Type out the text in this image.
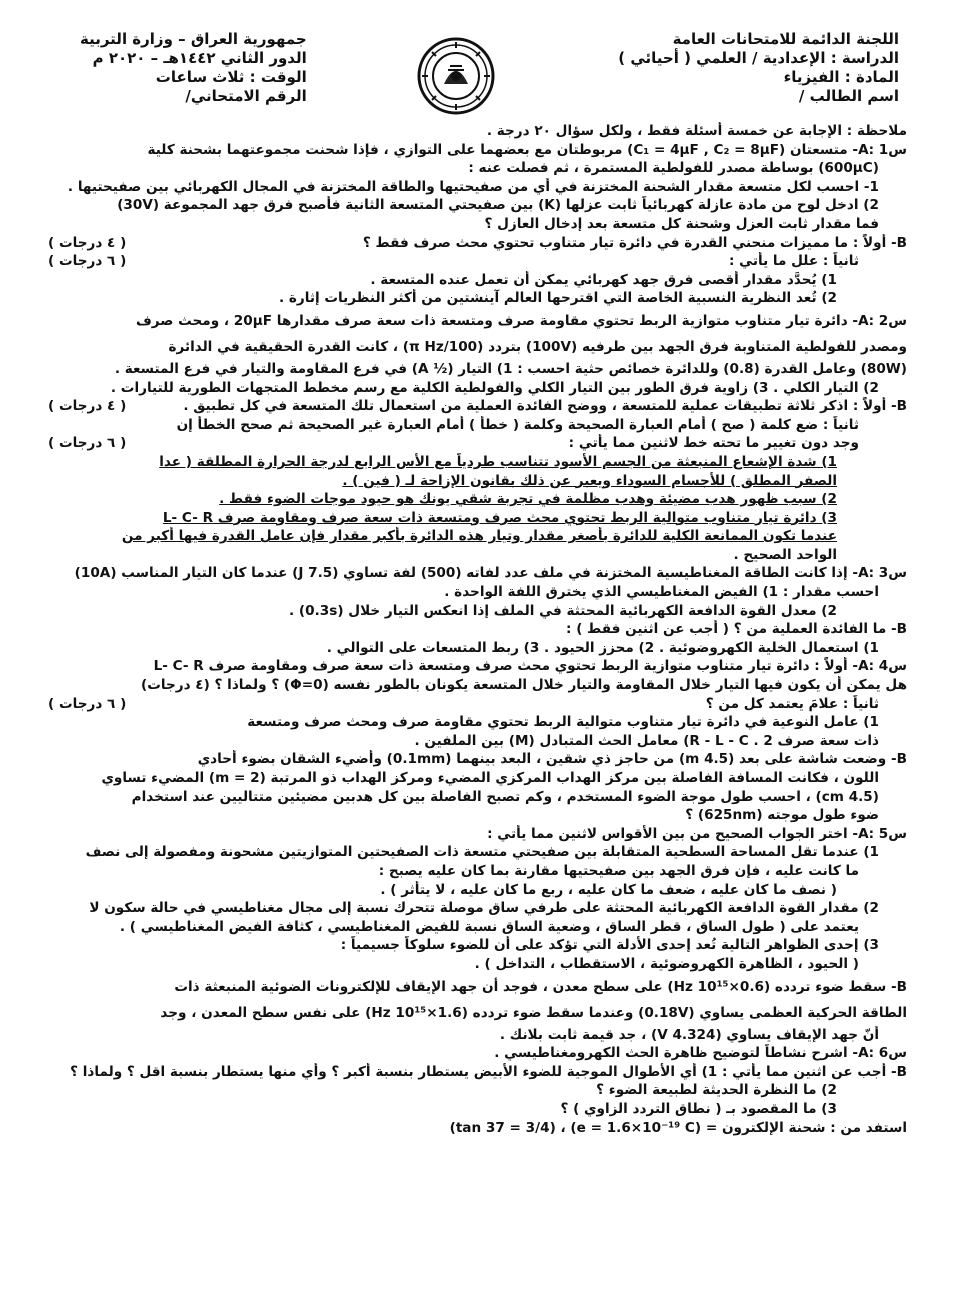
اللجنة الدائمة للامتحانات العامة
الدراسة : الإعدادية / العلمي ( أحيائي )
المادة : الفيزياء
اسم الطالب /
جمهورية العراق – وزارة التربية
الدور الثاني ١٤٤٢هـ – ٢٠٢٠ م
الوقت : ثلاث ساعات
الرقم الامتحاني/
ملاحظة : الإجابة عن خمسة أسئلة فقط ، ولكل سؤال ٢٠ درجة .
س1 :A- متسعتان (C₁ = 4μF , C₂ = 8μF) مربوطتان مع بعضهما على التوازي ، فإذا شحنت مجموعتهما بشحنة كلية
(600μC) بوساطة مصدر للفولطية المستمرة ، ثم فصلت عنه :
1- احسب لكل متسعة مقدار الشحنة المختزنة في أي من صفيحتيها والطاقة المختزنة في المجال الكهربائي بين صفيحتيها .
2) ادخل لوح من مادة عازلة كهربائياً ثابت عزلها (K) بين صفيحتي المتسعة الثانية فأصبح فرق جهد المجموعة (30V)
فما مقدار ثابت العزل وشحنة كل متسعة بعد إدخال العازل ؟
B- أولاً : ما مميزات منحني القدرة في دائرة تيار متناوب تحتوي محث صرف فقط ؟
( ٤ درجات )
ثانياً : علل ما يأتي :
( ٦ درجات )
1) يُحدَّد مقدار أقصى فرق جهد كهربائي يمكن أن تعمل عنده المتسعة .
2) تُعد النظرية النسبية الخاصة التي اقترحها العالم آينشتين من أكثر النظريات إثارة .
س2 :A- دائرة تيار متناوب متوازية الربط تحتوي مقاومة صرف ومتسعة ذات سعة صرف مقدارها 20μF ، ومحث صرف
ومصدر للفولطية المتناوبة فرق الجهد بين طرفيه (100V) بتردد (100/π Hz) ، كانت القدرة الحقيقية في الدائرة
(80W) وعامل القدرة (0.8) وللدائرة خصائص حثية احسب : 1) التيار (½ A) في فرع المقاومة والتيار في فرع المتسعة .
2) التيار الكلي . 3) زاوية فرق الطور بين التيار الكلي والفولطية الكلية مع رسم مخطط المتجهات الطورية للتيارات .
B- أولاً : اذكر ثلاثة تطبيقات عملية للمتسعة ، ووضح الفائدة العملية من استعمال تلك المتسعة في كل تطبيق .
( ٤ درجات )
ثانياً : ضع كلمة ( صح ) أمام العبارة الصحيحة وكلمة ( خطأ ) أمام العبارة غير الصحيحة ثم صحح الخطأ إن
وجد دون تغيير ما تحته خط لاثنين مما يأتي :
( ٦ درجات )
1) شدة الإشعاع المنبعثة من الجسم الأسود تتناسب طردياً مع الأس الرابع لدرجة الحرارة المطلقة ( عدا
الصفر المطلق ) للأجسام السوداء ويعبر عن ذلك بقانون الإزاحة لـ ( فين ) .
2) سبب ظهور هدب مضيئة وهدب مظلمة في تجربة شقي يونك هو حيود موجات الضوء فقط .
3) دائرة تيار متناوب متوالية الربط تحتوي محث صرف ومتسعة ذات سعة صرف ومقاومة صرف L- C- R
عندما تكون الممانعة الكلية للدائرة بأصغر مقدار وتيار هذه الدائرة بأكبر مقدار فإن عامل القدرة فيها أكبر من
الواحد الصحيح .
س3 :A- إذا كانت الطاقة المغناطيسية المختزنة في ملف عدد لفاته (500) لفة تساوي (7.5 J) عندما كان التيار المناسب (10A)
احسب مقدار : 1) الفيض المغناطيسي الذي يخترق اللفة الواحدة .
2) معدل القوة الدافعة الكهربائية المحتثة في الملف إذا انعكس التيار خلال (0.3s) .
B- ما الفائدة العملية من ؟ ( أجب عن اثنين فقط ) :
1) استعمال الخلية الكهروضوئية . 2) محزز الحيود . 3) ربط المتسعات على التوالي .
س4 :A- أولاً : دائرة تيار متناوب متوازية الربط تحتوي محث صرف ومتسعة ذات سعة صرف ومقاومة صرف L- C- R
هل يمكن أن يكون فيها التيار خلال المقاومة والتيار خلال المتسعة يكونان بالطور نفسه (Φ=0) ؟ ولماذا ؟ (٤ درجات)
ثانياً : علامَ يعتمد كل من ؟
( ٦ درجات )
1) عامل النوعية في دائرة تيار متناوب متوالية الربط تحتوي مقاومة صرف ومحث صرف ومتسعة
ذات سعة صرف R - L - C . 2) معامل الحث المتبادل (M) بين الملفين .
B- وضعت شاشة على بعد (4.5 m) من حاجز ذي شقين ، البعد بينهما (0.1mm) وأضيء الشقان بضوء أحادي
اللون ، فكانت المسافة الفاصلة بين مركز الهداب المركزي المضيء ومركز الهداب ذو المرتبة (m = 2) المضيء تساوي
(4.5 cm) ، احسب طول موجة الضوء المستخدم ، وكم تصبح الفاصلة بين كل هدبين مضيئين متتاليين عند استخدام
ضوء طول موجته (625nm) ؟
س5 :A- اختر الجواب الصحيح من بين الأقواس لاثنين مما يأتي :
1) عندما تقل المساحة السطحية المتقابلة بين صفيحتي متسعة ذات الصفيحتين المتوازيتين مشحونة ومفصولة إلى نصف
ما كانت عليه ، فإن فرق الجهد بين صفيحتيها مقارنة بما كان عليه يصبح :
( نصف ما كان عليه ، ضعف ما كان عليه ، ربع ما كان عليه ، لا يتأثر ) .
2) مقدار القوة الدافعة الكهربائية المحتثة على طرفي ساق موصلة تتحرك نسبة إلى مجال مغناطيسي في حالة سكون لا
يعتمد على ( طول الساق ، قطر الساق ، وضعية الساق نسبة للفيض المغناطيسي ، كثافة الفيض المغناطيسي ) .
3) إحدى الظواهر التالية تُعد إحدى الأدلة التي تؤكد على أن للضوء سلوكاً جسيمياً :
( الحيود ، الظاهرة الكهروضوئية ، الاستقطاب ، التداخل ) .
B- سقط ضوء تردده (0.6×10¹⁵ Hz) على سطح معدن ، فوجد أن جهد الإيقاف للإلكترونات الضوئية المنبعثة ذات
الطاقة الحركية العظمى يساوي (0.18V) وعندما سقط ضوء تردده (1.6×10¹⁵ Hz) على نفس سطح المعدن ، وجد
أنّ جهد الإيقاف يساوي (4.324 V) ، جد قيمة ثابت بلانك .
س6 :A- اشرح نشاطاً لتوضيح ظاهرة الحث الكهرومغناطيسي .
B- أجب عن اثنين مما يأتي : 1) أي الأطوال الموجية للضوء الأبيض يستطار بنسبة أكبر ؟ وأي منها يستطار بنسبة اقل ؟ ولماذا ؟
2) ما النظرة الحديثة لطبيعة الضوء ؟
3) ما المقصود بـ ( نطاق التردد الزاوي ) ؟
استفد من : شحنة الإلكترون = (e = 1.6×10⁻¹⁹ C) ، (tan 37 = 3/4)
